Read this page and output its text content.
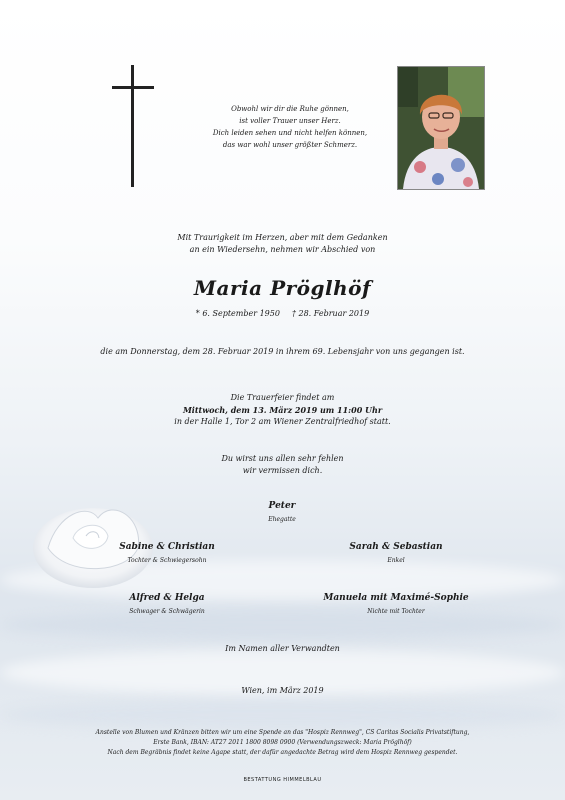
Obwohl wir dir die Ruhe gönnen,
ist voller Trauer unser Herz.
Dich leiden sehen und nicht helfen können,
das war wohl unser größter Schmerz.
Mit Traurigkeit im Herzen, aber mit dem Gedanken
an ein Wiedersehn, nehmen wir Abschied von
Maria Pröglhöf
* 6. September 1950 † 28. Februar 2019
die am Donnerstag, dem 28. Februar 2019 in ihrem 69. Lebensjahr von uns gegangen ist.
Die Trauerfeier findet am
Mittwoch, dem 13. März 2019 um 11:00 Uhr
in der Halle 1, Tor 2 am Wiener Zentralfriedhof statt.
Du wirst uns allen sehr fehlen
wir vermissen dich.
Peter
Ehegatte
Sabine & Christian
Tochter & Schwiegersohn
Sarah & Sebastian
Enkel
Alfred & Helga
Schwager & Schwägerin
Manuela mit Maximé-Sophie
Nichte mit Tochter
Im Namen aller Verwandten
Wien, im März 2019
Anstelle von Blumen und Kränzen bitten wir um eine Spende an das "Hospiz Rennweg", CS Caritas Socialis Privatstiftung,
Erste Bank, IBAN: AT27 2011 1800 8098 0900 (Verwendungszweck: Maria Pröglhöf)
Nach dem Begräbnis findet keine Agape statt, der dafür angedachte Betrag wird dem Hospiz Rennweg gespendet.
BESTATTUNG HIMMELBLAU
